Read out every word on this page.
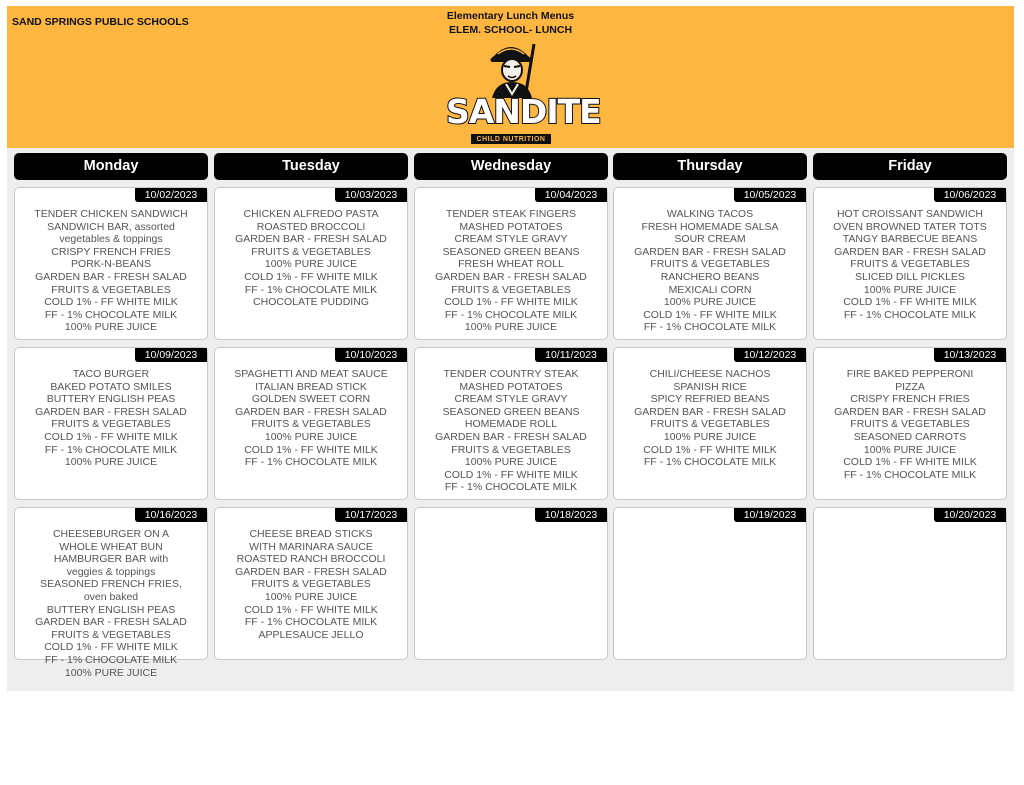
SAND SPRINGS PUBLIC SCHOOLS	Elementary Lunch Menus
ELEM. SCHOOL- LUNCH
SANDITE
CHILD NUTRITION
Monday	Tuesday	Wednesday	Thursday	Friday
10/02/2023
TENDER CHICKEN SANDWICH
SANDWICH BAR, assorted
vegetables & toppings
CRISPY FRENCH FRIES
PORK-N-BEANS
GARDEN BAR - FRESH SALAD
FRUITS & VEGETABLES
COLD 1% - FF WHITE MILK
FF - 1% CHOCOLATE MILK
100% PURE JUICE
10/03/2023
CHICKEN ALFREDO PASTA
ROASTED BROCCOLI
GARDEN BAR - FRESH SALAD
FRUITS & VEGETABLES
100% PURE JUICE
COLD 1% - FF WHITE MILK
FF - 1% CHOCOLATE MILK
CHOCOLATE PUDDING
10/04/2023
TENDER STEAK FINGERS
MASHED POTATOES
CREAM STYLE GRAVY
SEASONED GREEN BEANS
FRESH WHEAT ROLL
GARDEN BAR - FRESH SALAD
FRUITS & VEGETABLES
COLD 1% - FF WHITE MILK
FF - 1% CHOCOLATE MILK
100% PURE JUICE
10/05/2023
WALKING TACOS
FRESH HOMEMADE SALSA
SOUR CREAM
GARDEN BAR - FRESH SALAD
FRUITS & VEGETABLES
RANCHERO BEANS
MEXICALI CORN
100% PURE JUICE
COLD 1% - FF WHITE MILK
FF - 1% CHOCOLATE MILK
10/06/2023
HOT CROISSANT SANDWICH
OVEN BROWNED TATER TOTS
TANGY BARBECUE BEANS
GARDEN BAR - FRESH SALAD
FRUITS & VEGETABLES
SLICED DILL PICKLES
100% PURE JUICE
COLD 1% - FF WHITE MILK
FF - 1% CHOCOLATE MILK
10/09/2023
TACO BURGER
BAKED POTATO SMILES
BUTTERY ENGLISH PEAS
GARDEN BAR - FRESH SALAD
FRUITS & VEGETABLES
COLD 1% - FF WHITE MILK
FF - 1% CHOCOLATE MILK
100% PURE JUICE
10/10/2023
SPAGHETTI AND MEAT SAUCE
ITALIAN BREAD STICK
GOLDEN SWEET CORN
GARDEN BAR - FRESH SALAD
FRUITS & VEGETABLES
100% PURE JUICE
COLD 1% - FF WHITE MILK
FF - 1% CHOCOLATE MILK
10/11/2023
TENDER COUNTRY STEAK
MASHED POTATOES
CREAM STYLE GRAVY
SEASONED GREEN BEANS
HOMEMADE ROLL
GARDEN BAR - FRESH SALAD
FRUITS & VEGETABLES
100% PURE JUICE
COLD 1% - FF WHITE MILK
FF - 1% CHOCOLATE MILK
10/12/2023
CHILI/CHEESE NACHOS
SPANISH RICE
SPICY REFRIED BEANS
GARDEN BAR - FRESH SALAD
FRUITS & VEGETABLES
100% PURE JUICE
COLD 1% - FF WHITE MILK
FF - 1% CHOCOLATE MILK
10/13/2023
FIRE BAKED PEPPERONI
PIZZA
CRISPY FRENCH FRIES
GARDEN BAR - FRESH SALAD
FRUITS & VEGETABLES
SEASONED CARROTS
100% PURE JUICE
COLD 1% - FF WHITE MILK
FF - 1% CHOCOLATE MILK
10/16/2023
CHEESEBURGER ON A
WHOLE WHEAT BUN
HAMBURGER BAR with
veggies & toppings
SEASONED FRENCH FRIES,
oven baked
BUTTERY ENGLISH PEAS
GARDEN BAR - FRESH SALAD
FRUITS & VEGETABLES
COLD 1% - FF WHITE MILK
FF - 1% CHOCOLATE MILK
100% PURE JUICE
10/17/2023
CHEESE BREAD STICKS
WITH MARINARA SAUCE
ROASTED RANCH BROCCOLI
GARDEN BAR - FRESH SALAD
FRUITS & VEGETABLES
100% PURE JUICE
COLD 1% - FF WHITE MILK
FF - 1% CHOCOLATE MILK
APPLESAUCE JELLO
10/18/2023	10/19/2023	10/20/2023
